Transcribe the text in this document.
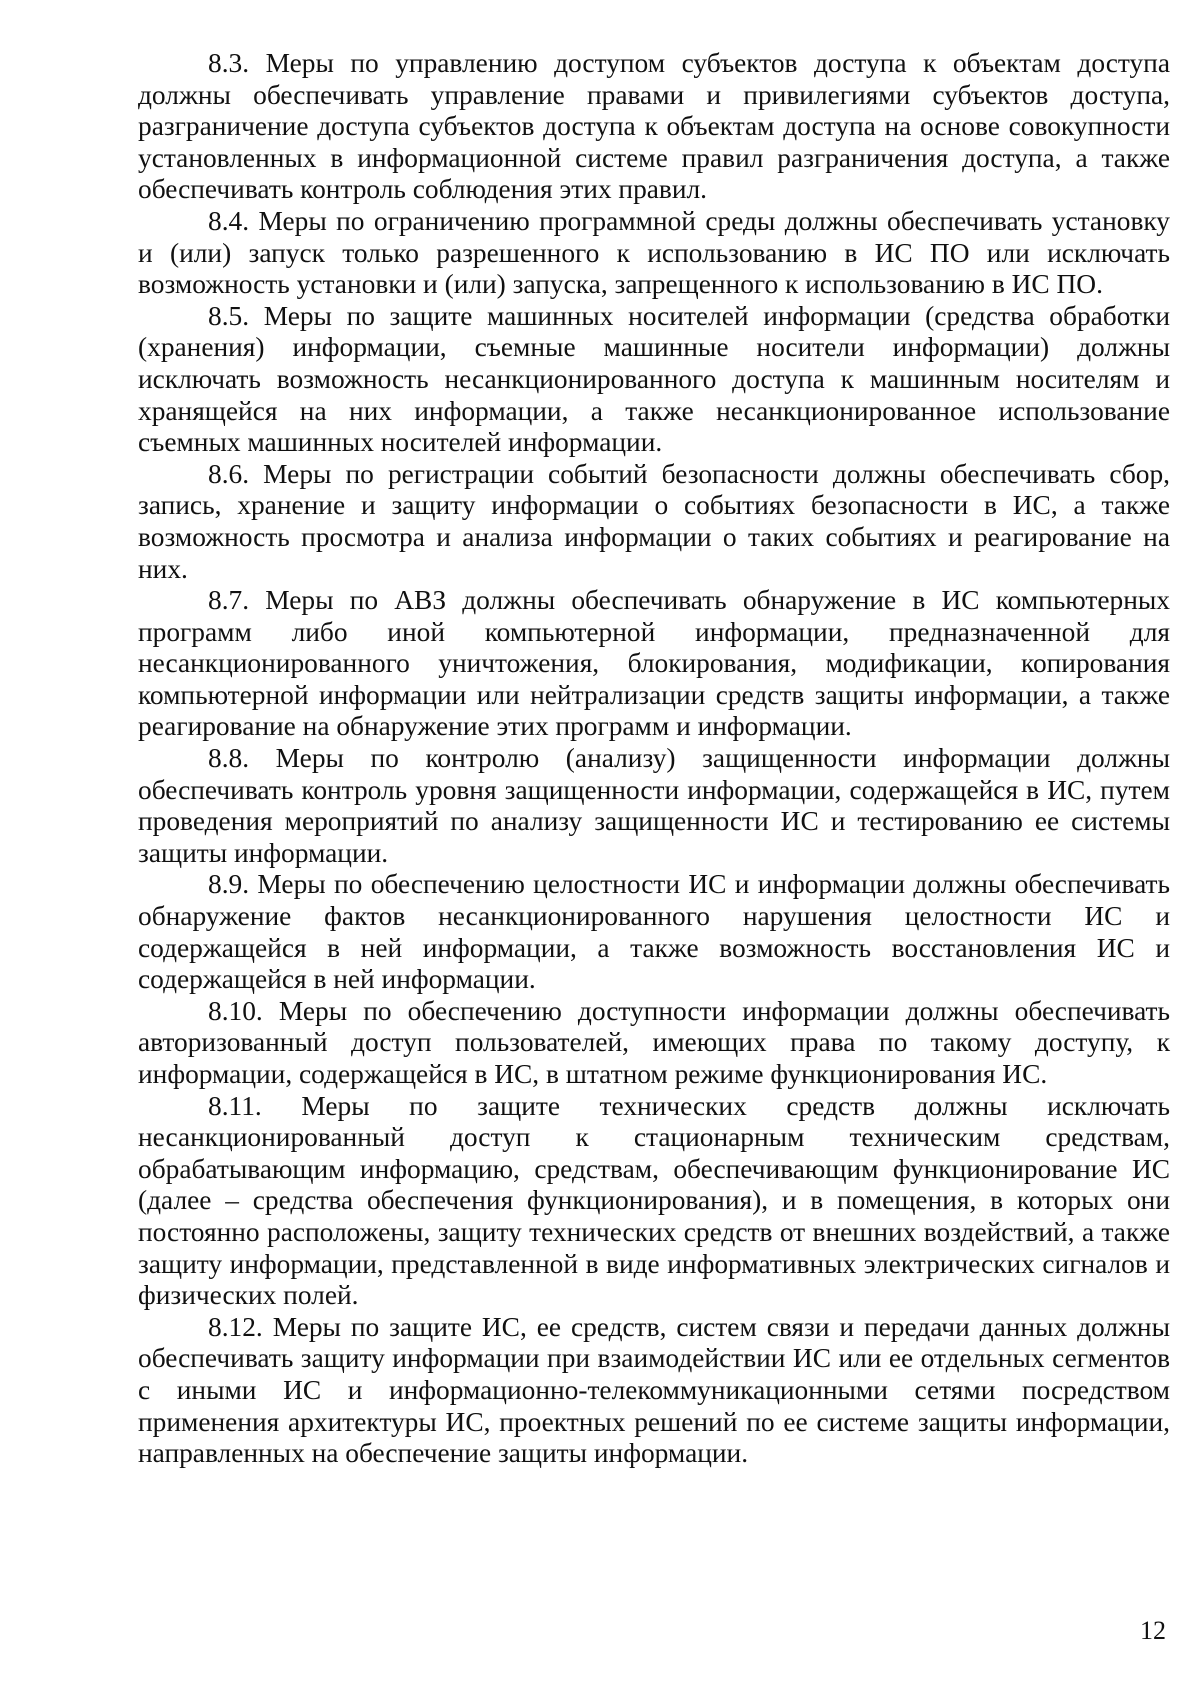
8.3. Меры по управлению доступом субъектов доступа к объектам доступа должны обеспечивать управление правами и привилегиями субъектов доступа, разграничение доступа субъектов доступа к объектам доступа на основе совокупности установленных в информационной системе правил разграничения доступа, а также обеспечивать контроль соблюдения этих правил.

8.4. Меры по ограничению программной среды должны обеспечивать установку и (или) запуск только разрешенного к использованию в ИС ПО или исключать возможность установки и (или) запуска, запрещенного к использованию в ИС ПО.

8.5. Меры по защите машинных носителей информации (средства обработки (хранения) информации, съемные машинные носители информации) должны исключать возможность несанкционированного доступа к машинным носителям и хранящейся на них информации, а также несанкционированное использование съемных машинных носителей информации.

8.6. Меры по регистрации событий безопасности должны обеспечивать сбор, запись, хранение и защиту информации о событиях безопасности в ИС, а также возможность просмотра и анализа информации о таких событиях и реагирование на них.

8.7. Меры по АВЗ должны обеспечивать обнаружение в ИС компьютерных программ либо иной компьютерной информации, предназначенной для несанкционированного уничтожения, блокирования, модификации, копирования компьютерной информации или нейтрализации средств защиты информации, а также реагирование на обнаружение этих программ и информации.

8.8. Меры по контролю (анализу) защищенности информации должны обеспечивать контроль уровня защищенности информации, содержащейся в ИС, путем проведения мероприятий по анализу защищенности ИС и тестированию ее системы защиты информации.

8.9. Меры по обеспечению целостности ИС и информации должны обеспечивать обнаружение фактов несанкционированного нарушения целостности ИС и содержащейся в ней информации, а также возможность восстановления ИС и содержащейся в ней информации.

8.10. Меры по обеспечению доступности информации должны обеспечивать авторизованный доступ пользователей, имеющих права по такому доступу, к информации, содержащейся в ИС, в штатном режиме функционирования ИС.

8.11. Меры по защите технических средств должны исключать несанкционированный доступ к стационарным техническим средствам, обрабатывающим информацию, средствам, обеспечивающим функционирование ИС (далее – средства обеспечения функционирования), и в помещения, в которых они постоянно расположены, защиту технических средств от внешних воздействий, а также защиту информации, представленной в виде информативных электрических сигналов и физических полей.

8.12. Меры по защите ИС, ее средств, систем связи и передачи данных должны обеспечивать защиту информации при взаимодействии ИС или ее отдельных сегментов с иными ИС и информационно-телекоммуникационными сетями посредством применения архитектуры ИС, проектных решений по ее системе защиты информации, направленных на обеспечение защиты информации.

12
